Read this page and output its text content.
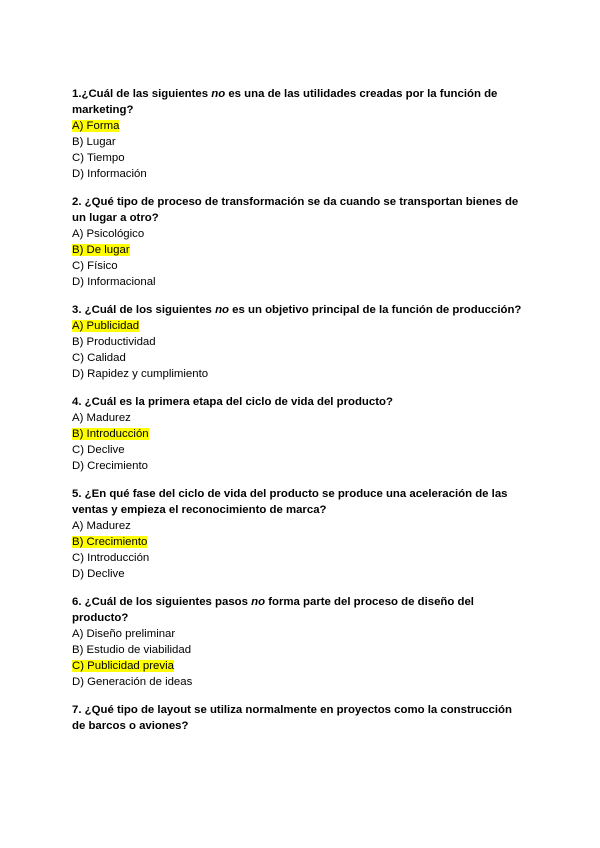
1.¿Cuál de las siguientes no es una de las utilidades creadas por la función de marketing?

A) Forma

B) Lugar

C) Tiempo

D) Información

2. ¿Qué tipo de proceso de transformación se da cuando se transportan bienes de un lugar a otro?

A) Psicológico

B) De lugar

C) Físico

D) Informacional

3. ¿Cuál de los siguientes no es un objetivo principal de la función de producción?

A) Publicidad

B) Productividad

C) Calidad

D) Rapidez y cumplimiento

4. ¿Cuál es la primera etapa del ciclo de vida del producto?

A) Madurez

B) Introducción

C) Declive

D) Crecimiento

5. ¿En qué fase del ciclo de vida del producto se produce una aceleración de las ventas y empieza el reconocimiento de marca?

A) Madurez

B) Crecimiento

C) Introducción

D) Declive

6. ¿Cuál de los siguientes pasos no forma parte del proceso de diseño del producto?

A) Diseño preliminar

B) Estudio de viabilidad

C) Publicidad previa

D) Generación de ideas

7. ¿Qué tipo de layout se utiliza normalmente en proyectos como la construcción de barcos o aviones?
